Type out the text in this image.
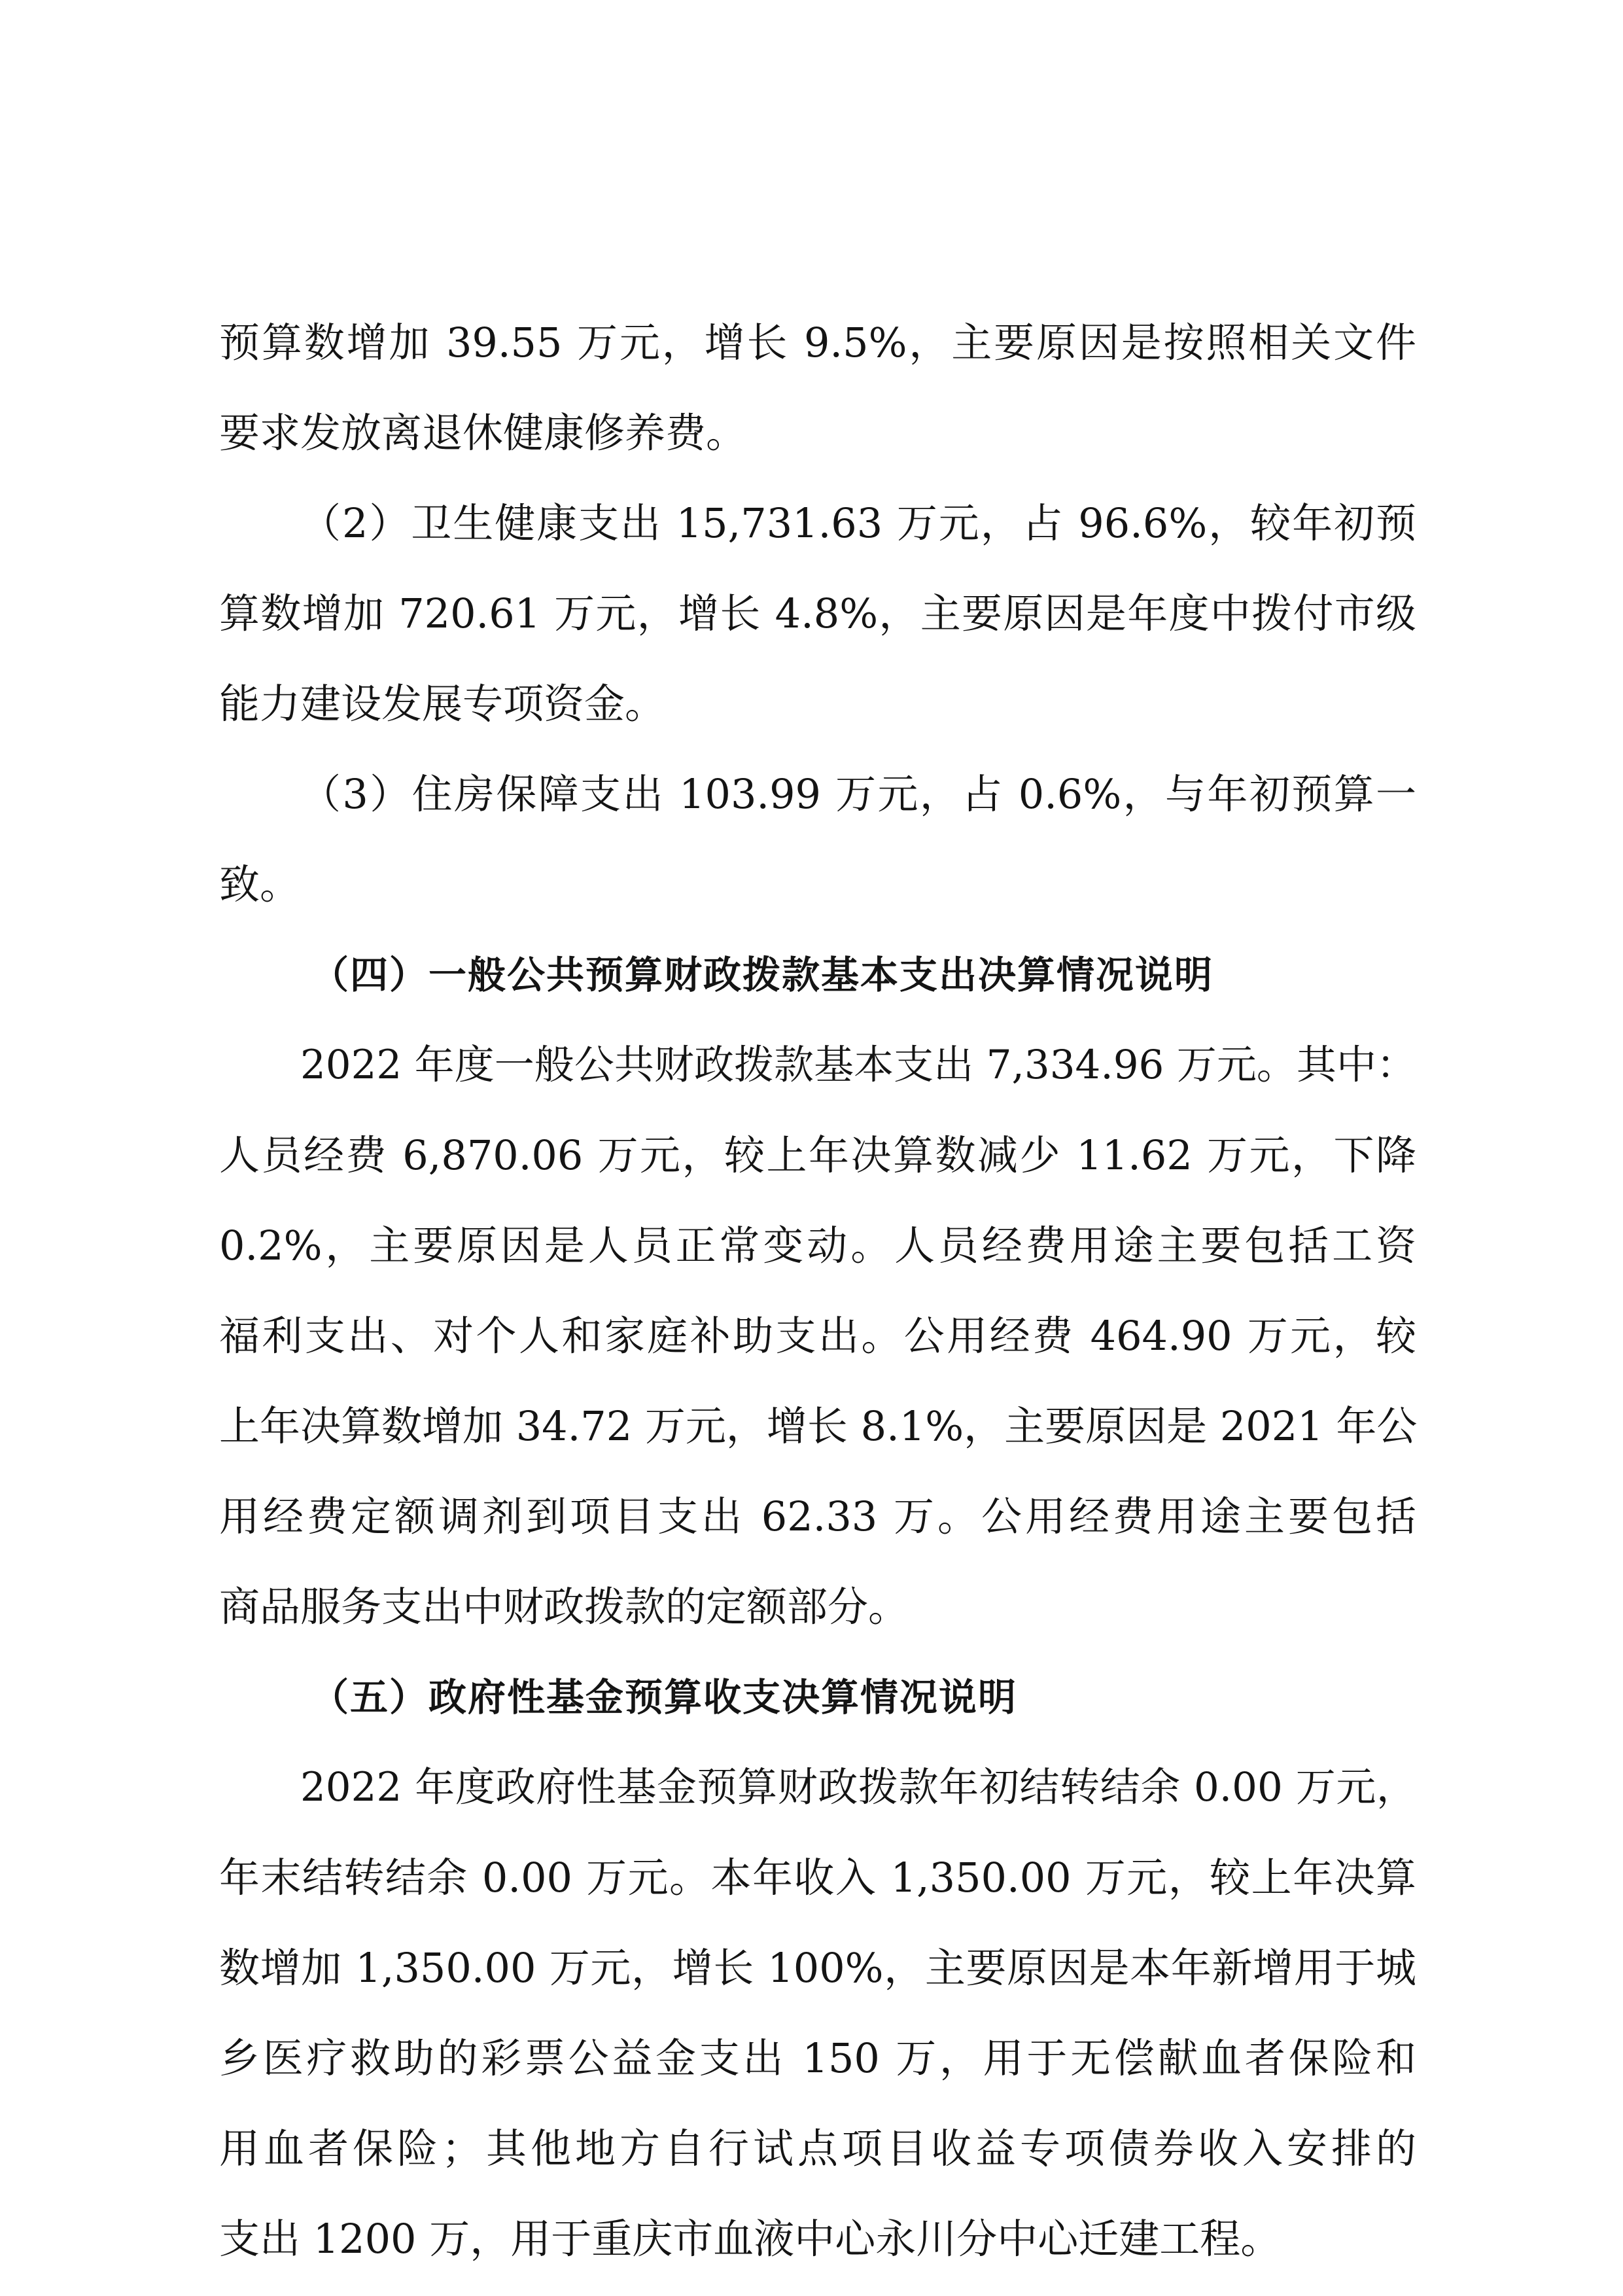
预算数增加 39.55 万元，增长 9.5%，主要原因是按照相关文件
要求发放离退休健康修养费。
（2）卫生健康支出 15,731.63 万元，占 96.6%，较年初预
算数增加 720.61 万元，增长 4.8%，主要原因是年度中拨付市级
能力建设发展专项资金。
（3）住房保障支出 103.99 万元，占 0.6%，与年初预算一
致。
（四）一般公共预算财政拨款基本支出决算情况说明
2022 年度一般公共财政拨款基本支出 7,334.96 万元。其中：
人员经费 6,870.06 万元，较上年决算数减少 11.62 万元，下降
0.2%，主要原因是人员正常变动。人员经费用途主要包括工资
福利支出、对个人和家庭补助支出。公用经费 464.90 万元，较
上年决算数增加 34.72 万元，增长 8.1%，主要原因是 2021 年公
用经费定额调剂到项目支出 62.33 万。公用经费用途主要包括
商品服务支出中财政拨款的定额部分。
（五）政府性基金预算收支决算情况说明
2022 年度政府性基金预算财政拨款年初结转结余 0.00 万元，
年末结转结余 0.00 万元。本年收入 1,350.00 万元，较上年决算
数增加 1,350.00 万元，增长 100%，主要原因是本年新增用于城
乡医疗救助的彩票公益金支出 150 万，用于无偿献血者保险和
用血者保险；其他地方自行试点项目收益专项债券收入安排的
支出 1200 万，用于重庆市血液中心永川分中心迁建工程。
